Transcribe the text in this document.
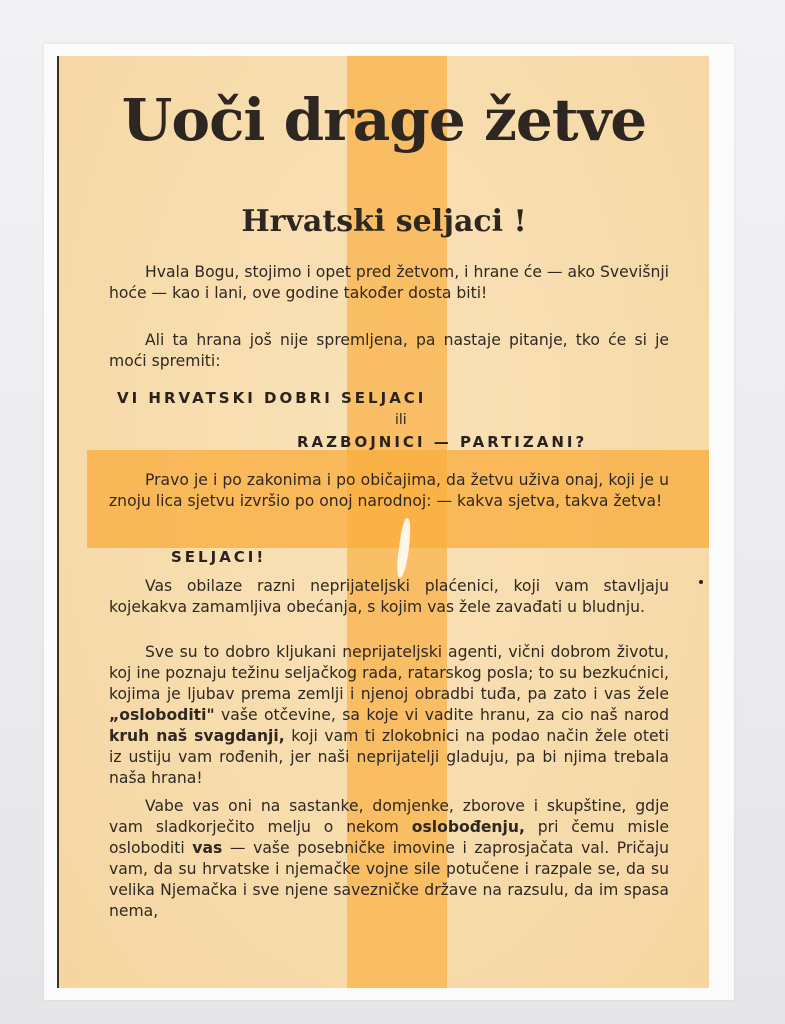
Uoči drage žetve
Hrvatski seljaci !

Hvala Bogu, stojimo i opet pred žetvom, i hrane će — ako Svevišnji hoće — kao i lani, ove godine također dosta biti!

Ali ta hrana još nije spremljena, pa nastaje pitanje, tko će si je moći spremiti:

VI HRVATSKI DOBRI SELJACI

ili

RAZBOJNICI — PARTIZANI?

Pravo je i po zakonima i po običajima, da žetvu uživa onaj, koji je u znoju lica sjetvu izvršio po onoj narodnoj: — kakva sjetva, takva žetva!

SELJACI!

Vas obilaze razni neprijateljski plaćenici, koji vam stavljaju kojekakva zamamljiva obećanja, s kojim vas žele zavađati u bludnju.

Sve su to dobro kljukani neprijateljski agenti, vični dobrom životu, koj ine poznaju težinu seljačkog rada, ratarskog posla; to su bezkućnici, kojima je ljubav prema zemlji i njenoj obradbi tuđa, pa zato i vas žele „osloboditi" vaše otčevine, sa koje vi vadite hranu, za cio naš narod kruh naš svagdanji, koji vam ti zlokobnici na podao način žele oteti iz ustiju vam rođenih, jer naši neprijatelji gladuju, pa bi njima trebala naša hrana!

Vabe vas oni na sastanke, domjenke, zborove i skupštine, gdje vam sladkorječito melju o nekom oslobođenju, pri čemu misle osloboditi vas — vaše posebničke imovine i zaprosjačata val. Pričaju vam, da su hrvatske i njemačke vojne sile potučene i razpale se, da su velika Njemačka i sve njene savezničke države na razsulu, da im spasa nema,
